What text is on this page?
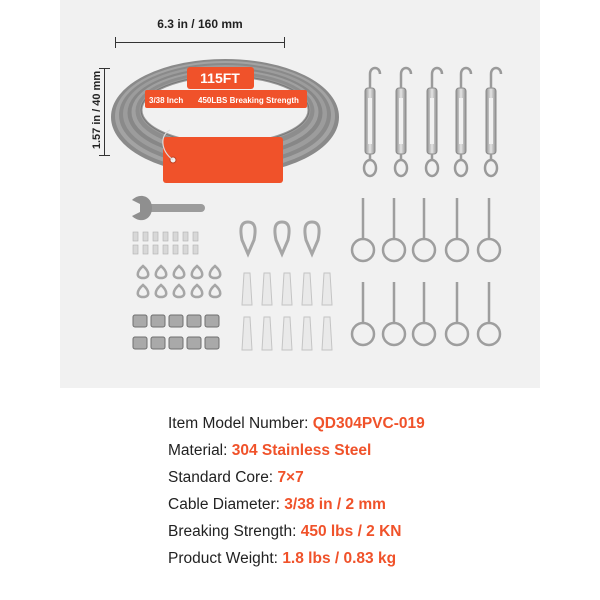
6.3 in / 160 mm
1.57 in / 40 mm	115FT
3/38 Inch 450LBS Breaking Strength
Item Model Number: QD304PVC-019
Material: 304 Stainless Steel
Standard Core: 7×7
Cable Diameter: 3/38 in / 2 mm
Breaking Strength: 450 lbs / 2 KN
Product Weight: 1.8 lbs / 0.83 kg
